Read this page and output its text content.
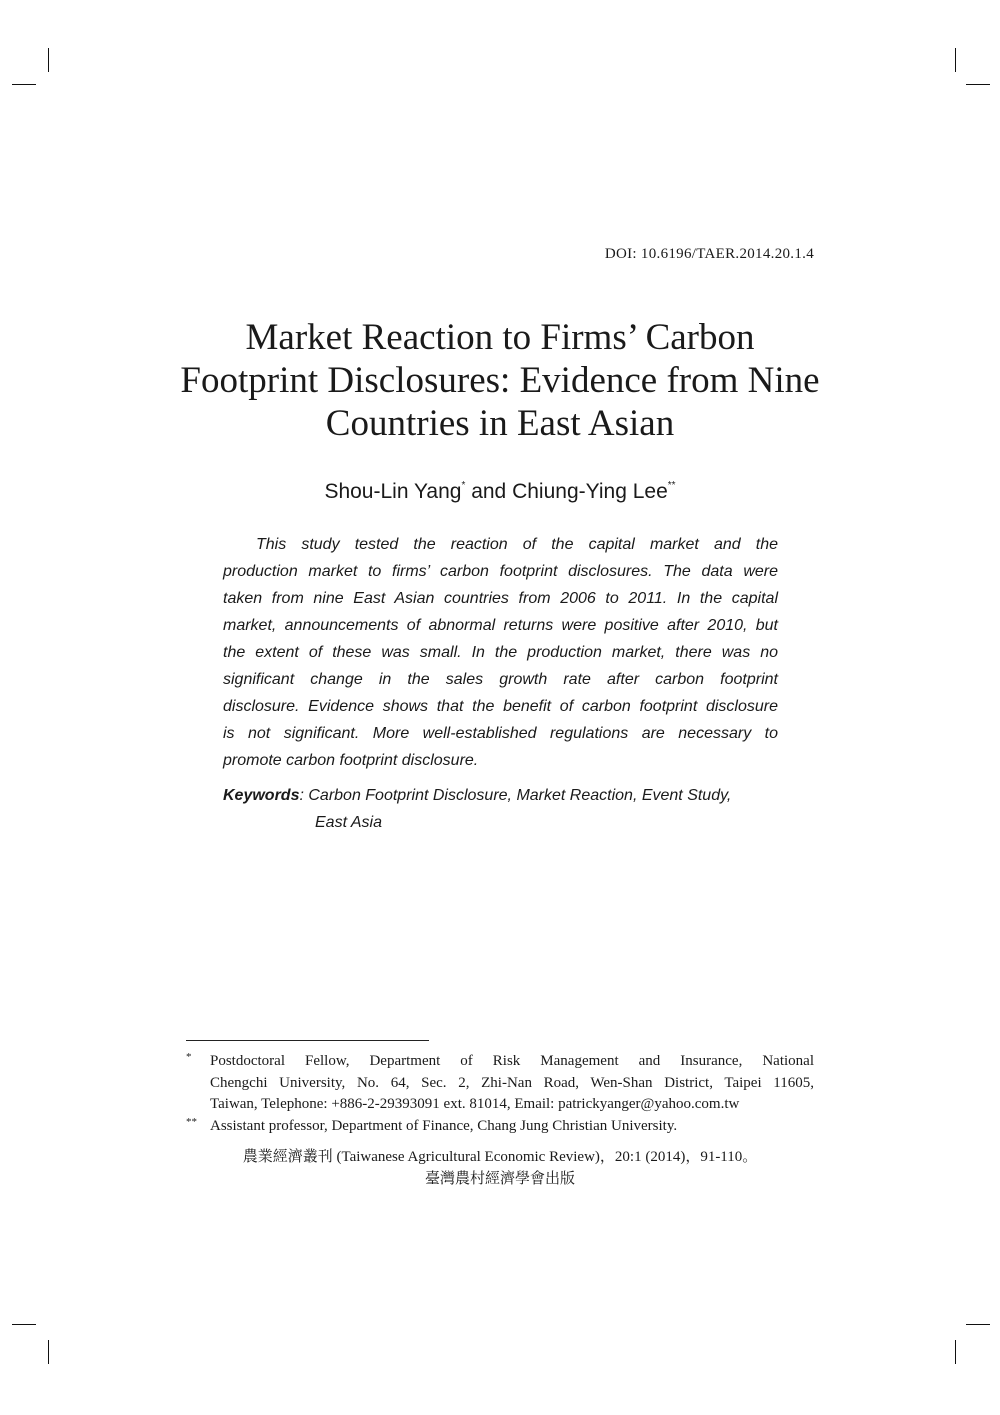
DOI: 10.6196/TAER.2014.20.1.4
Market Reaction to Firms’ Carbon
Footprint Disclosures: Evidence from Nine
Countries in East Asian
Shou-Lin Yang* and Chiung-Ying Lee**
This study tested the reaction of the capital market and the
production market to firms’ carbon footprint disclosures. The data were
taken from nine East Asian countries from 2006 to 2011. In the capital
market, announcements of abnormal returns were positive after 2010, but
the extent of these was small. In the production market, there was no
significant change in the sales growth rate after carbon footprint
disclosure. Evidence shows that the benefit of carbon footprint disclosure
is not significant. More well-established regulations are necessary to
promote carbon footprint disclosure.
Keywords: Carbon Footprint Disclosure, Market Reaction, Event Study,
East Asia
* Postdoctoral Fellow, Department of Risk Management and Insurance, National
Chengchi University, No. 64, Sec. 2, Zhi-Nan Road, Wen-Shan District, Taipei 11605,
Taiwan, Telephone: +886-2-29393091 ext. 81014, Email: patrickyanger@yahoo.com.tw
** Assistant professor, Department of Finance, Chang Jung Christian University.
農業經濟叢刊 (Taiwanese Agricultural Economic Review)，20:1 (2014)，91-110。
臺灣農村經濟學會出版
